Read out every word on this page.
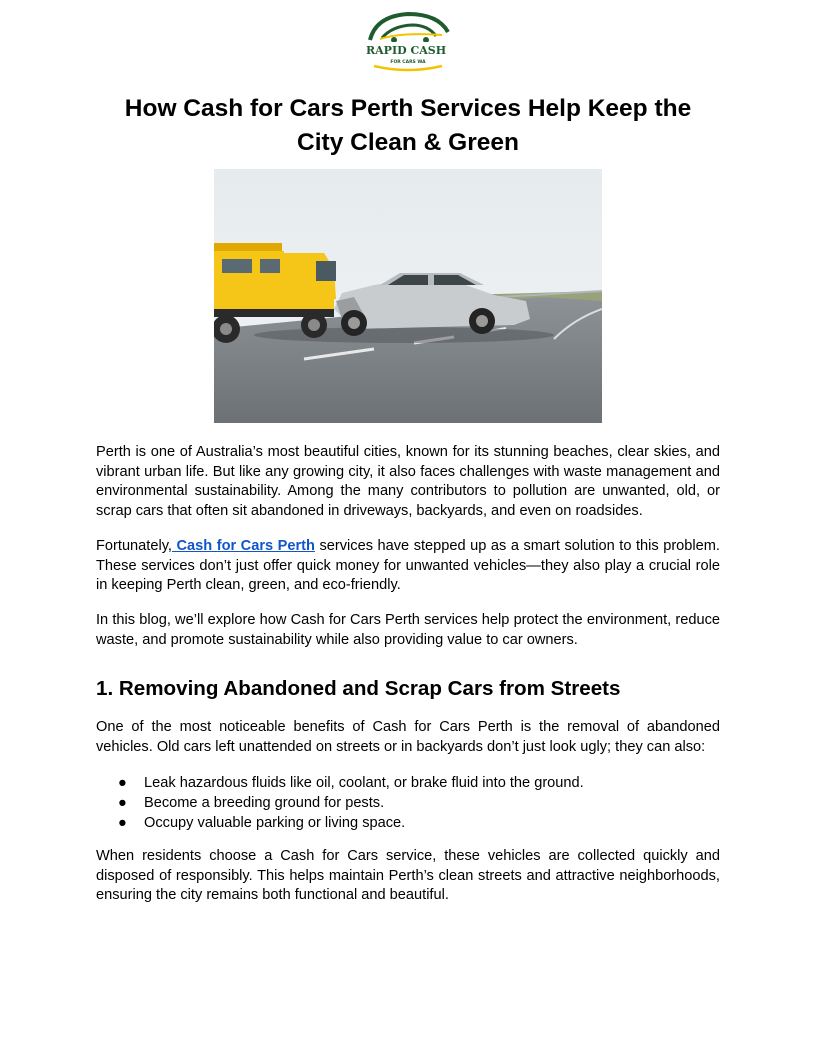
RAPID CASH
FOR CARS WA
How Cash for Cars Perth Services Help Keep the
City Clean & Green

Perth is one of Australia’s most beautiful cities, known for its stunning beaches, clear skies, and vibrant urban life. But like any growing city, it also faces challenges with waste management and environmental sustainability. Among the many contributors to pollution are unwanted, old, or scrap cars that often sit abandoned in driveways, backyards, and even on roadsides.

Fortunately, Cash for Cars Perth services have stepped up as a smart solution to this problem. These services don’t just offer quick money for unwanted vehicles—they also play a crucial role in keeping Perth clean, green, and eco-friendly.

In this blog, we’ll explore how Cash for Cars Perth services help protect the environment, reduce waste, and promote sustainability while also providing value to car owners.

1. Removing Abandoned and Scrap Cars from Streets

One of the most noticeable benefits of Cash for Cars Perth is the removal of abandoned vehicles. Old cars left unattended on streets or in backyards don’t just look ugly; they can also:

● Leak hazardous fluids like oil, coolant, or brake fluid into the ground.
● Become a breeding ground for pests.
● Occupy valuable parking or living space.

When residents choose a Cash for Cars service, these vehicles are collected quickly and disposed of responsibly. This helps maintain Perth’s clean streets and attractive neighborhoods, ensuring the city remains both functional and beautiful.
